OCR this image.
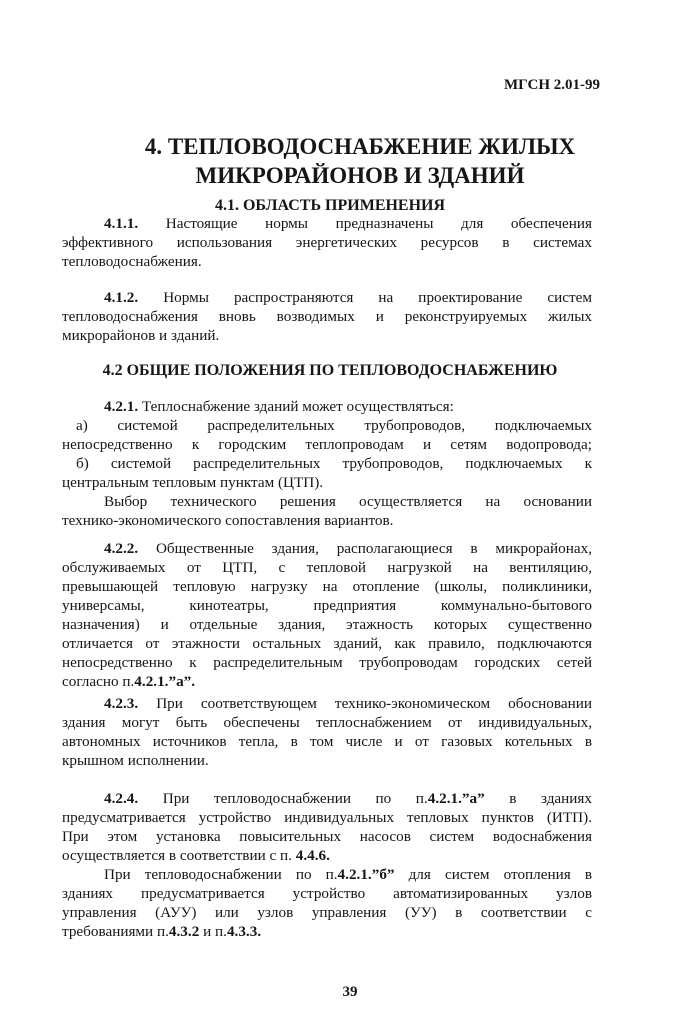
МГСН 2.01-99
4. ТЕПЛОВОДОСНАБЖЕНИЕ ЖИЛЫХ
МИКРОРАЙОНОВ И ЗДАНИЙ
4.1. ОБЛАСТЬ ПРИМЕНЕНИЯ
4.1.1. Настоящие нормы предназначены для обеспечения
эффективного использования энергетических ресурсов в системах
тепловодоснабжения.
4.1.2. Нормы распространяются на проектирование систем
тепловодоснабжения вновь возводимых и реконструируемых жилых
микрорайонов и зданий.
4.2 ОБЩИЕ ПОЛОЖЕНИЯ ПО ТЕПЛОВОДОСНАБЖЕНИЮ
4.2.1. Теплоснабжение зданий может осуществляться:
а) системой распределительных трубопроводов, подключаемых
непосредственно к городским теплопроводам и сетям водопровода;
б) системой распределительных трубопроводов, подключаемых к
центральным тепловым пунктам (ЦТП).
Выбор технического решения осуществляется на основании
технико-экономического сопоставления вариантов.
4.2.2. Общественные здания, располагающиеся в микрорайонах,
обслуживаемых от ЦТП, с тепловой нагрузкой на вентиляцию,
превышающей тепловую нагрузку на отопление (школы, поликлиники,
универсамы, кинотеатры, предприятия коммунально-бытового
назначения) и отдельные здания, этажность которых существенно
отличается от этажности остальных зданий, как правило, подключаются
непосредственно к распределительным трубопроводам городских сетей
согласно п.4.2.1.”а”.
4.2.3. При соответствующем технико-экономическом обосновании
здания могут быть обеспечены теплоснабжением от индивидуальных,
автономных источников тепла, в том числе и от газовых котельных в
крышном исполнении.
4.2.4. При тепловодоснабжении по п.4.2.1.”а” в зданиях
предусматривается устройство индивидуальных тепловых пунктов (ИТП).
При этом установка повысительных насосов систем водоснабжения
осуществляется в соответствии с п. 4.4.6.
При тепловодоснабжении по п.4.2.1.”б” для систем отопления в
зданиях предусматривается устройство автоматизированных узлов
управления (АУУ) или узлов управления (УУ) в соответствии с
требованиями п.4.3.2 и п.4.3.3.
39
